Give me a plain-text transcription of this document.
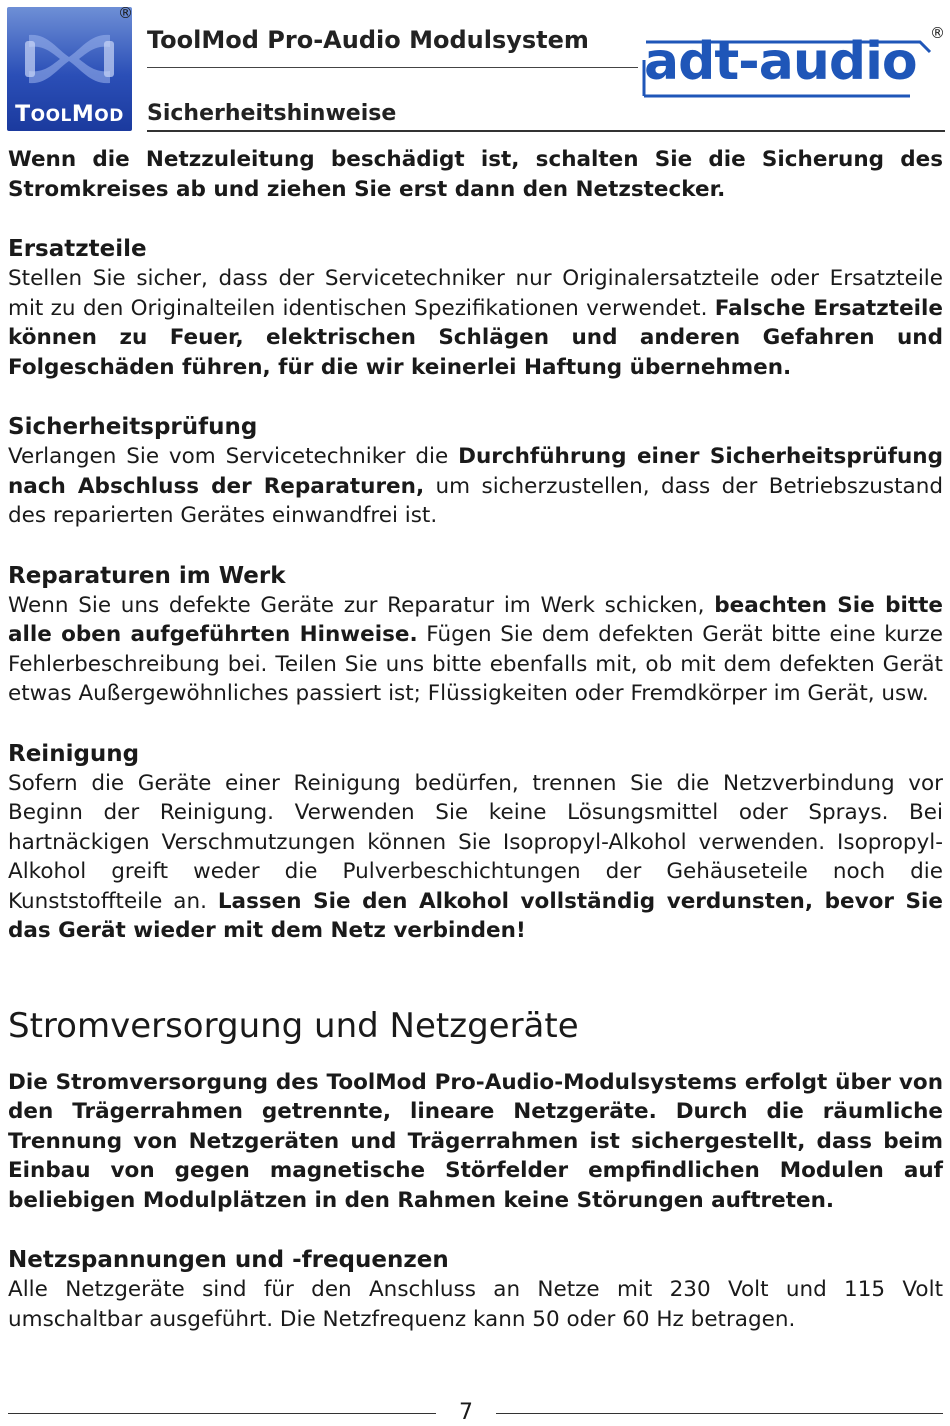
TOOLMOD
®
ToolMod Pro-Audio Modulsystem
Sicherheitshinweise
adt-audio ®

Wenn die Netzzuleitung beschädigt ist, schalten Sie die Sicherung des Stromkreises ab und ziehen Sie erst dann den Netzstecker.

Ersatzteile

Stellen Sie sicher, dass der Servicetechniker nur Originalersatzteile oder Ersatzteile mit zu den Originalteilen identischen Spezifikationen verwendet. Falsche Ersatzteile können zu Feuer, elektrischen Schlägen und anderen Gefahren und Folgeschäden führen, für die wir keinerlei Haftung übernehmen.

Sicherheitsprüfung

Verlangen Sie vom Servicetechniker die Durchführung einer Sicherheitsprüfung nach Abschluss der Reparaturen, um sicherzustellen, dass der Betriebszustand des reparierten Gerätes einwandfrei ist.

Reparaturen im Werk

Wenn Sie uns defekte Geräte zur Reparatur im Werk schicken, beachten Sie bitte alle oben aufgeführten Hinweise. Fügen Sie dem defekten Gerät bitte eine kurze Fehlerbeschreibung bei. Teilen Sie uns bitte ebenfalls mit, ob mit dem defekten Gerät etwas Außergewöhnliches passiert ist; Flüssigkeiten oder Fremdkörper im Gerät, usw.

Reinigung

Sofern die Geräte einer Reinigung bedürfen, trennen Sie die Netzverbindung vor Beginn der Reinigung. Verwenden Sie keine Lösungsmittel oder Sprays. Bei hartnäckigen Verschmutzungen können Sie Isopropyl-Alkohol verwenden. Isopropyl-Alkohol greift weder die Pulverbeschichtungen der Gehäuseteile noch die Kunststoffteile an. Lassen Sie den Alkohol vollständig verdunsten, bevor Sie das Gerät wieder mit dem Netz verbinden!

Stromversorgung und Netzgeräte

Die Stromversorgung des ToolMod Pro-Audio-Modulsystems erfolgt über von den Trägerrahmen getrennte, lineare Netzgeräte. Durch die räumliche Trennung von Netzgeräten und Trägerrahmen ist sichergestellt, dass beim Einbau von gegen magnetische Störfelder empfindlichen Modulen auf beliebigen Modulplätzen in den Rahmen keine Störungen auftreten.

Netzspannungen und -frequenzen

Alle Netzgeräte sind für den Anschluss an Netze mit 230 Volt und 115 Volt umschaltbar ausgeführt. Die Netzfrequenz kann 50 oder 60 Hz betragen.

7
